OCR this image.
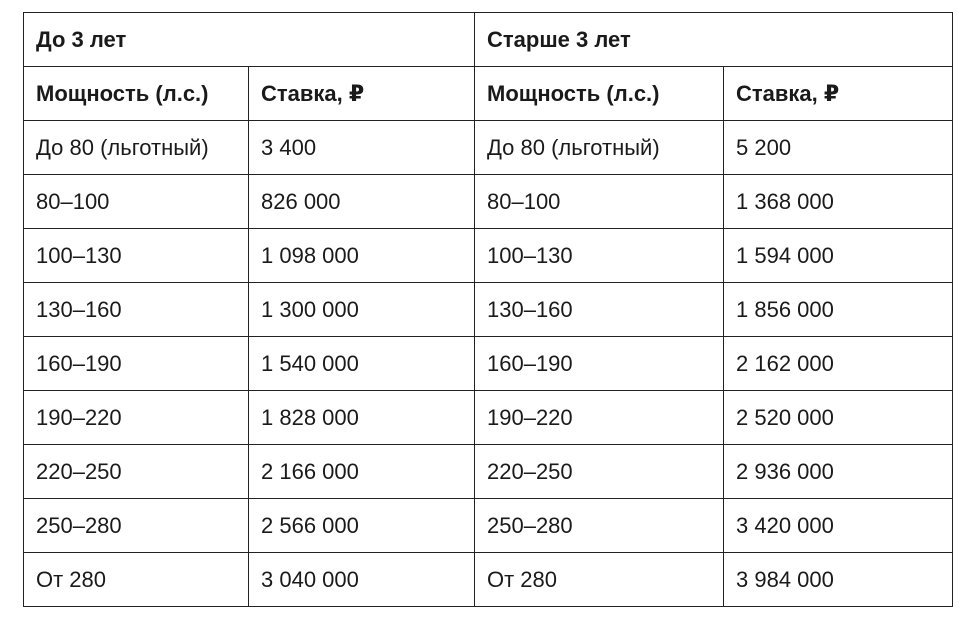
До 3 лет		Старше 3 лет	
Мощность (л.с.)	Ставка, ₽	Мощность (л.с.)	Ставка, ₽
До 80 (льготный)	3 400	До 80 (льготный)	5 200
80–100	826 000	80–100	1 368 000
100–130	1 098 000	100–130	1 594 000
130–160	1 300 000	130–160	1 856 000
160–190	1 540 000	160–190	2 162 000
190–220	1 828 000	190–220	2 520 000
220–250	2 166 000	220–250	2 936 000
250–280	2 566 000	250–280	3 420 000
От 280	3 040 000	От 280	3 984 000
